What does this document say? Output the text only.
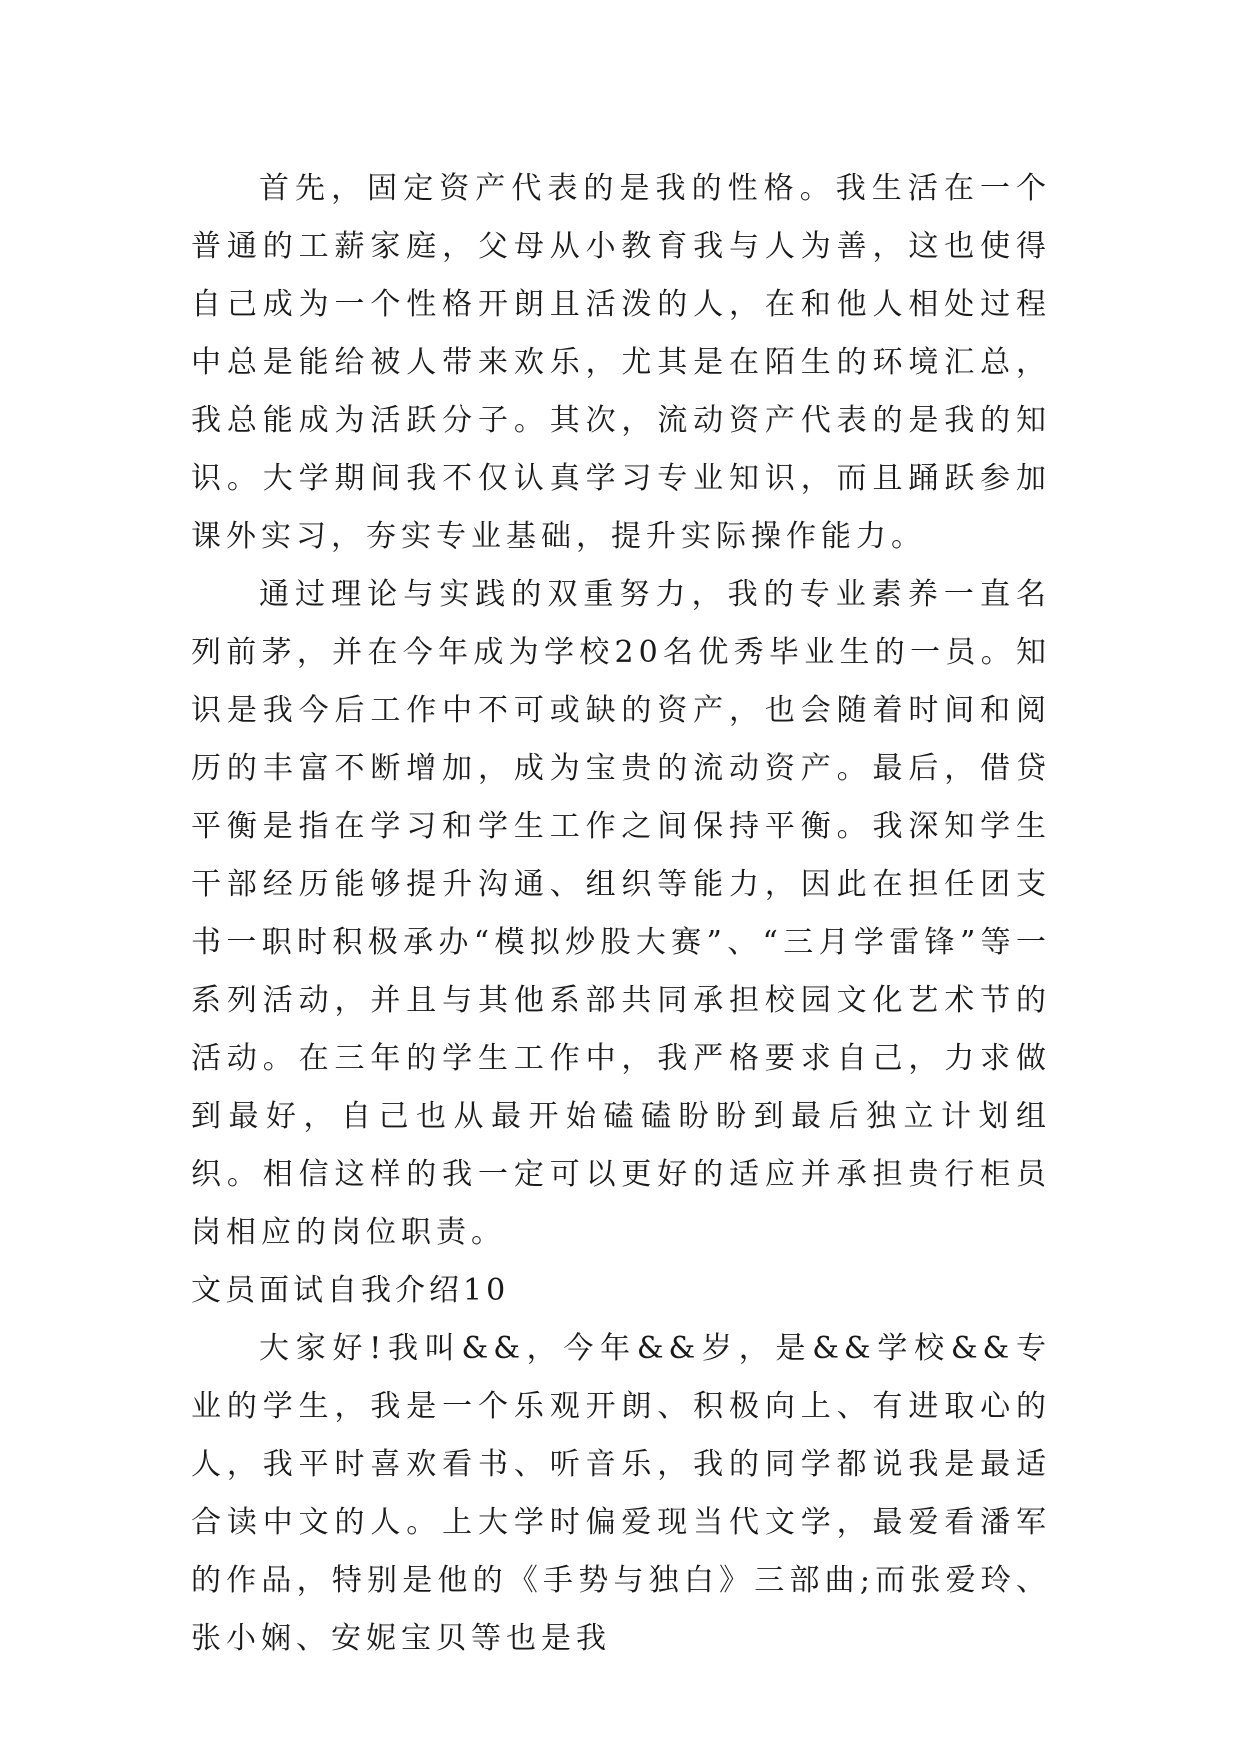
首先，固定资产代表的是我的性格。我生活在一个普通的工薪家庭，父母从小教育我与人为善，这也使得自己成为一个性格开朗且活泼的人，在和他人相处过程中总是能给被人带来欢乐，尤其是在陌生的环境汇总，我总能成为活跃分子。其次，流动资产代表的是我的知识。大学期间我不仅认真学习专业知识，而且踊跃参加课外实习，夯实专业基础，提升实际操作能力。

通过理论与实践的双重努力，我的专业素养一直名列前茅，并在今年成为学校20名优秀毕业生的一员。知识是我今后工作中不可或缺的资产，也会随着时间和阅历的丰富不断增加，成为宝贵的流动资产。最后，借贷平衡是指在学习和学生工作之间保持平衡。我深知学生干部经历能够提升沟通、组织等能力，因此在担任团支书一职时积极承办“模拟炒股大赛”、“三月学雷锋”等一系列活动，并且与其他系部共同承担校园文化艺术节的活动。在三年的学生工作中，我严格要求自己，力求做到最好，自己也从最开始磕磕盼盼到最后独立计划组织。相信这样的我一定可以更好的适应并承担贵行柜员岗相应的岗位职责。

文员面试自我介绍10

大家好!我叫&&，今年&&岁，是&&学校&&专业的学生，我是一个乐观开朗、积极向上、有进取心的人，我平时喜欢看书、听音乐，我的同学都说我是最适合读中文的人。上大学时偏爱现当代文学，最爱看潘军的作品，特别是他的《手势与独白》三部曲;而张爱玲、张小娴、安妮宝贝等也是我
